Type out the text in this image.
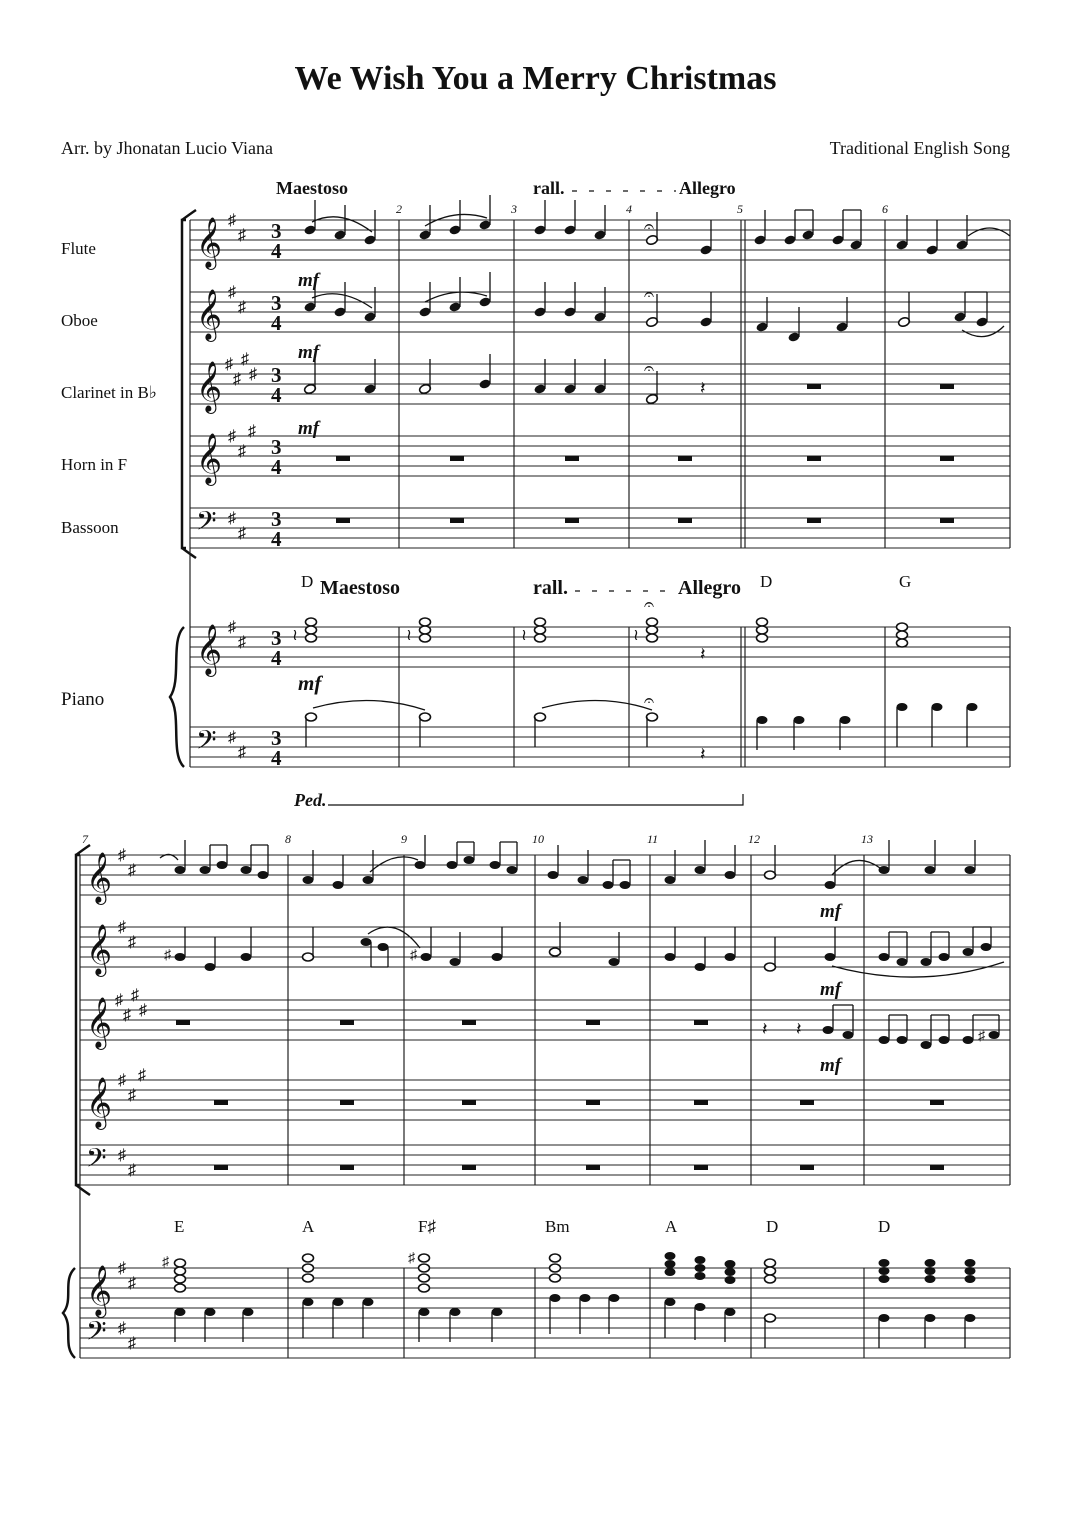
We Wish You a Merry Christmas
Arr. by Jhonatan Lucio Viana	Traditional English Song
Flute
Oboe
Clarinet in B♭
Horn in F
Bassoon
Piano
Maestoso	rall.	Allegro
2	3	4	5	6
𝄞
𝄞
𝄞
𝄞
𝄞
𝄢
𝄢
♯
♯
♯
♯
♯
♯
♯
♯
♯
♯
♯
♯
♯
♯
♯
♯
♯
3
4
3
4
3
4
3
4
3
4
3
4
3
4
𝄐
mf
𝄐
mf
𝄐
𝄽
mf
D Maestoso	rall.	Allegro D	G
≀	≀	≀	≀
𝄐
𝄽
mf
𝄐
𝄽
Ped.
7	8	9	10	11	12	13
𝄞
𝄞
𝄞
𝄞
𝄞
𝄢
𝄢
♯
♯
♯
♯
♯
♯
♯
♯
♯
♯
♯
♯
♯
♯
♯
♯
♯
mf
♯	♯
mf
𝄽 𝄽	♯
mf
E	A	F♯	Bm	A	D	D
♯	♯
